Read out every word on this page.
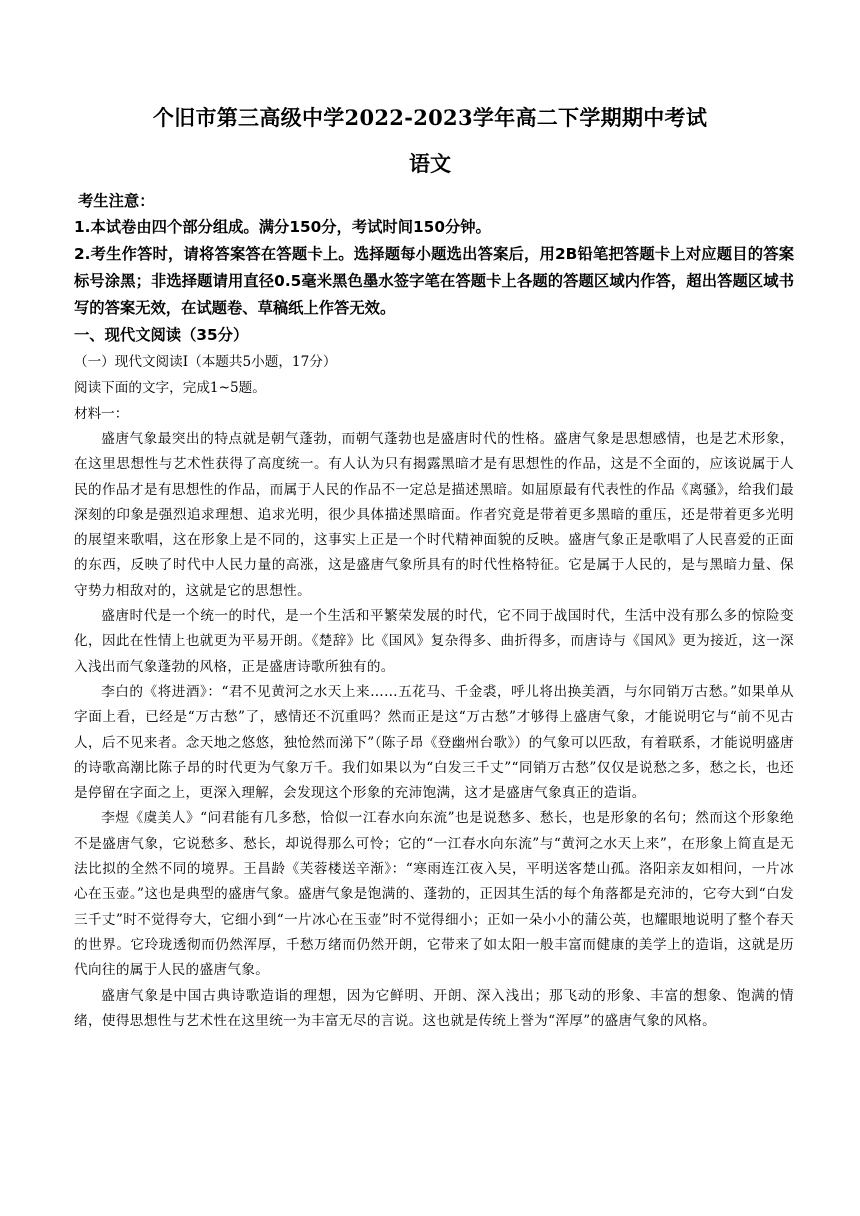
个旧市第三高级中学2022-2023学年高二下学期期中考试
语文
考生注意：
1.本试卷由四个部分组成。满分150分，考试时间150分钟。
2.考生作答时，请将答案答在答题卡上。选择题每小题选出答案后，用2B铅笔把答题卡上对应题目的答案标号涂黑；非选择题请用直径0.5毫米黑色墨水签字笔在答题卡上各题的答题区域内作答，超出答题区域书写的答案无效，在试题卷、草稿纸上作答无效。
一、现代文阅读（35分）
（一）现代文阅读I（本题共5小题，17分）
阅读下面的文字，完成1~5题。
材料一：

盛唐气象最突出的特点就是朝气蓬勃，而朝气蓬勃也是盛唐时代的性格。盛唐气象是思想感情，也是艺术形象，在这里思想性与艺术性获得了高度统一。有人认为只有揭露黑暗才是有思想性的作品，这是不全面的，应该说属于人民的作品才是有思想性的作品，而属于人民的作品不一定总是描述黑暗。如屈原最有代表性的作品《离骚》，给我们最深刻的印象是强烈追求理想、追求光明，很少具体描述黑暗面。作者究竟是带着更多黑暗的重压，还是带着更多光明的展望来歌唱，这在形象上是不同的，这事实上正是一个时代精神面貌的反映。盛唐气象正是歌唱了人民喜爱的正面的东西，反映了时代中人民力量的高涨，这是盛唐气象所具有的时代性格特征。它是属于人民的，是与黑暗力量、保守势力相敌对的，这就是它的思想性。

盛唐时代是一个统一的时代，是一个生活和平繁荣发展的时代，它不同于战国时代，生活中没有那么多的惊险变化，因此在性情上也就更为平易开朗。《楚辞》比《国风》复杂得多、曲折得多，而唐诗与《国风》更为接近，这一深入浅出而气象蓬勃的风格，正是盛唐诗歌所独有的。

李白的《将进酒》：“君不见黄河之水天上来……五花马、千金裘，呼儿将出换美酒，与尔同销万古愁。”如果单从字面上看，已经是“万古愁”了，感情还不沉重吗？然而正是这“万古愁”才够得上盛唐气象，才能说明它与“前不见古人，后不见来者。念天地之悠悠，独怆然而涕下”（陈子昂《登幽州台歌》）的气象可以匹敌，有着联系，才能说明盛唐的诗歌高潮比陈子昂的时代更为气象万千。我们如果以为“白发三千丈”“同销万古愁”仅仅是说愁之多，愁之长，也还是停留在字面之上，更深入理解，会发现这个形象的充沛饱满，这才是盛唐气象真正的造诣。

李煜《虞美人》“问君能有几多愁，恰似一江春水向东流”也是说愁多、愁长，也是形象的名句；然而这个形象绝不是盛唐气象，它说愁多、愁长，却说得那么可怜；它的“一江春水向东流”与“黄河之水天上来”，在形象上简直是无法比拟的全然不同的境界。王昌龄《芙蓉楼送辛渐》：“寒雨连江夜入吴，平明送客楚山孤。洛阳亲友如相问，一片冰心在玉壶。”这也是典型的盛唐气象。盛唐气象是饱满的、蓬勃的，正因其生活的每个角落都是充沛的，它夸大到“白发三千丈”时不觉得夸大，它细小到“一片冰心在玉壶”时不觉得细小；正如一朵小小的蒲公英，也耀眼地说明了整个春天的世界。它玲珑透彻而仍然浑厚，千愁万绪而仍然开朗，它带来了如太阳一般丰富而健康的美学上的造诣，这就是历代向往的属于人民的盛唐气象。

盛唐气象是中国古典诗歌造诣的理想，因为它鲜明、开朗、深入浅出；那飞动的形象、丰富的想象、饱满的情绪，使得思想性与艺术性在这里统一为丰富无尽的言说。这也就是传统上誉为“浑厚”的盛唐气象的风格。
